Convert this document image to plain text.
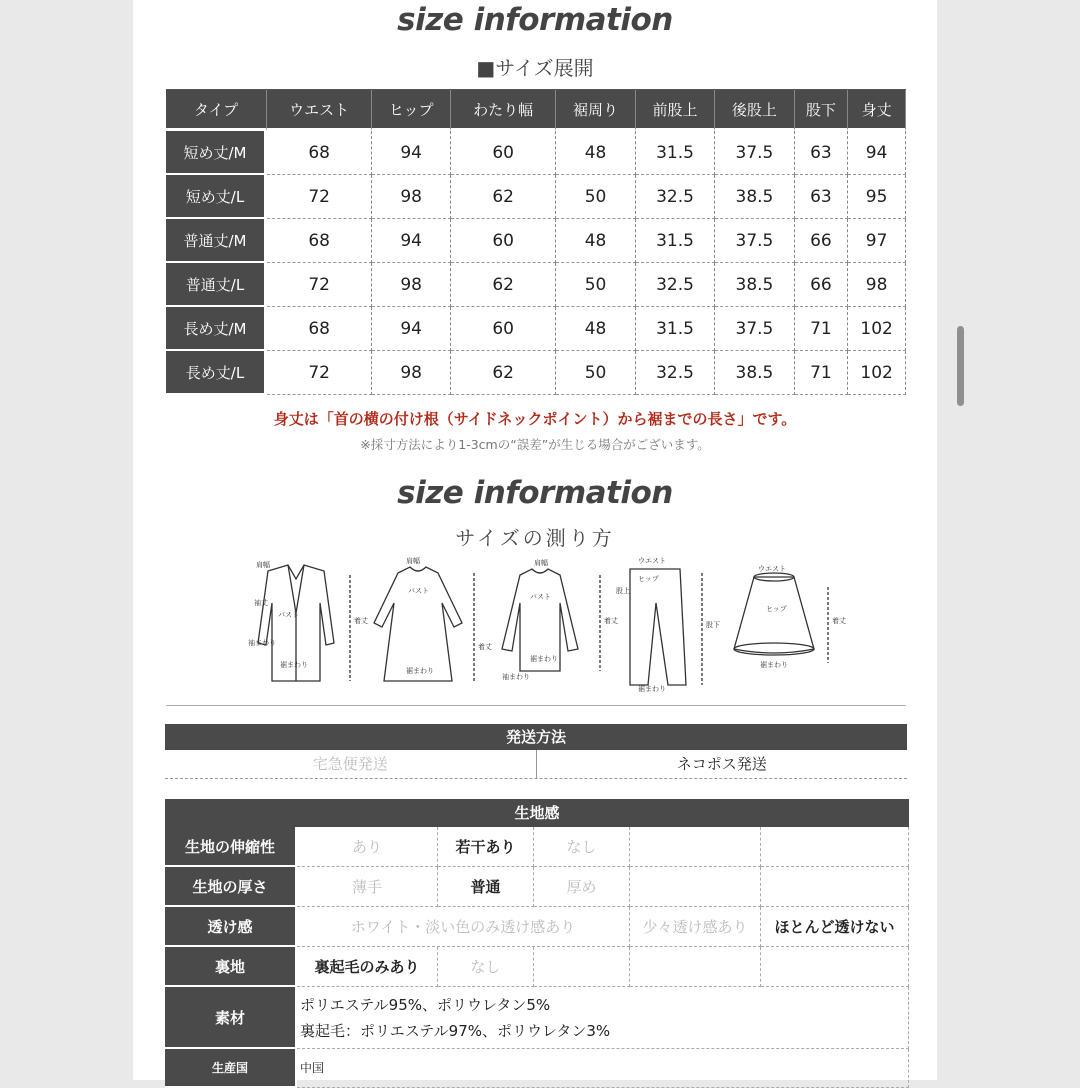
size information
■サイズ展開
タイプ	ウエスト	ヒップ	わたり幅	裾周り	前股上	後股上	股下	身丈
短め丈/M	68	94	60	48	31.5	37.5	63	94
短め丈/L	72	98	62	50	32.5	38.5	63	95
普通丈/M	68	94	60	48	31.5	37.5	66	97
普通丈/L	72	98	62	50	32.5	38.5	66	98
長め丈/M	68	94	60	48	31.5	37.5	71	102
長め丈/L	72	98	62	50	32.5	38.5	71	102
身丈は「首の横の付け根（サイドネックポイント）から裾までの長さ」です。
※採寸方法により1-3cmの“誤差”が生じる場合がございます。
size information
サイズの測り方
肩幅
袖丈
バスト
着丈
袖まわり
裾まわり
肩幅
バスト
着丈
裾まわり
肩幅
バスト
着丈
裾まわり
袖まわり
ウエスト
ヒップ
股上
股下
裾まわり
ウエスト
ヒップ
着丈
裾まわり
発送方法
宅急便発送	ネコポス発送
生地感
生地の伸縮性	あり	若干あり	なし		
生地の厚さ	薄手	普通	厚め		
透け感	ホワイト・淡い色のみ透け感あり			少々透け感あり	ほとんど透けない
裏地	裏起毛のみあり	なし			
素材	ポリエステル95%、ポリウレタン5%
裏起毛：ポリエステル97%、ポリウレタン3%				

生産国	中国				
